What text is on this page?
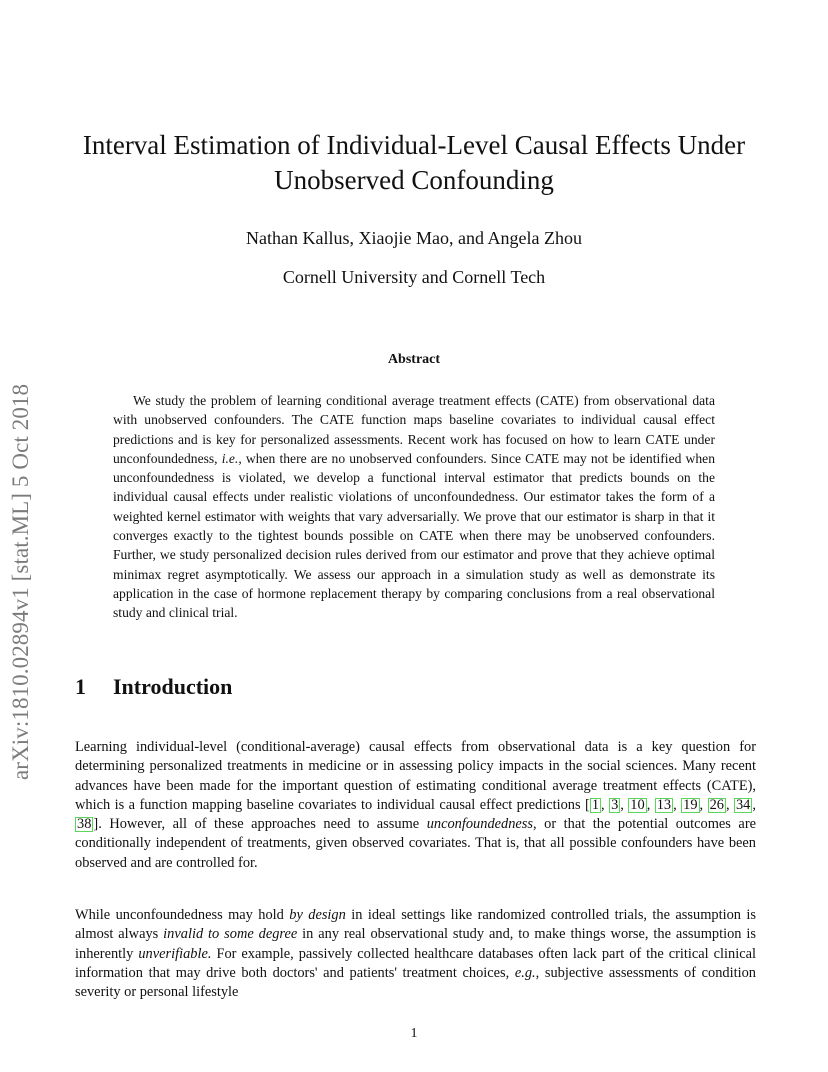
arXiv:1810.02894v1 [stat.ML] 5 Oct 2018
Interval Estimation of Individual-Level Causal Effects Under
Unobserved Confounding
Nathan Kallus, Xiaojie Mao, and Angela Zhou
Cornell University and Cornell Tech
Abstract

We study the problem of learning conditional average treatment effects (CATE) from observational data with unobserved confounders. The CATE function maps baseline covariates to individual causal effect predictions and is key for personalized assessments. Recent work has focused on how to learn CATE under unconfoundedness, i.e., when there are no unobserved confounders. Since CATE may not be identified when unconfoundedness is violated, we develop a functional interval estimator that predicts bounds on the individual causal effects under realistic violations of unconfoundedness. Our estimator takes the form of a weighted kernel estimator with weights that vary adversarially. We prove that our estimator is sharp in that it converges exactly to the tightest bounds possible on CATE when there may be unobserved confounders. Further, we study personalized decision rules derived from our estimator and prove that they achieve optimal minimax regret asymptotically. We assess our approach in a simulation study as well as demonstrate its application in the case of hormone replacement therapy by comparing conclusions from a real observational study and clinical trial.

1 Introduction

Learning individual-level (conditional-average) causal effects from observational data is a key question for determining personalized treatments in medicine or in assessing policy impacts in the social sciences. Many recent advances have been made for the important question of estimating conditional average treatment effects (CATE), which is a function mapping baseline covariates to individual causal effect predictions [ 1 , 3 , 10 , 13 , 19 , 26 , 34 , 38 ]. However, all of these approaches need to assume unconfoundedness, or that the potential outcomes are conditionally independent of treatments, given observed covariates. That is, that all possible confounders have been observed and are controlled for.

While unconfoundedness may hold by design in ideal settings like randomized controlled trials, the assumption is almost always invalid to some degree in any real observational study and, to make things worse, the assumption is inherently unverifiable. For example, passively collected healthcare databases often lack part of the critical clinical information that may drive both doctors' and patients' treatment choices, e.g., subjective assessments of condition severity or personal lifestyle

1
